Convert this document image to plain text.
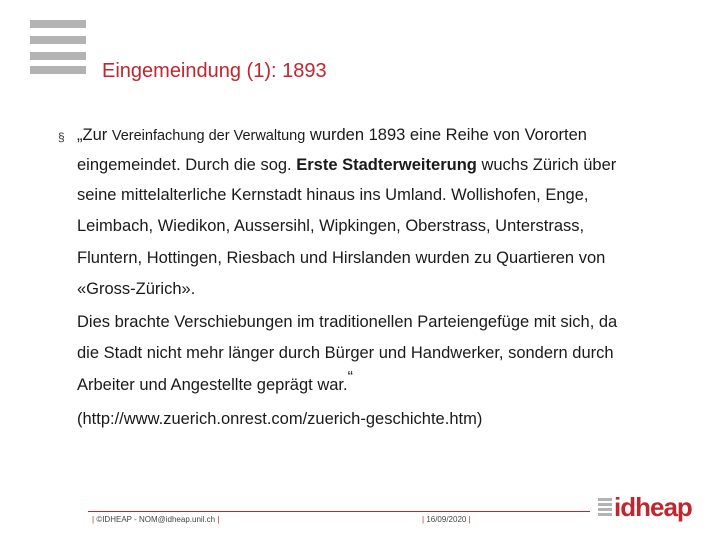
Eingemeindung (1): 1893
§ „Zur Vereinfachung der Verwaltung wurden 1893 eine Reihe von Vororten
eingemeindet. Durch die sog. Erste Stadterweiterung wuchs Zürich über
seine mittelalterliche Kernstadt hinaus ins Umland. Wollishofen, Enge,
Leimbach, Wiedikon, Aussersihl, Wipkingen, Oberstrass, Unterstrass,
Fluntern, Hottingen, Riesbach und Hirslanden wurden zu Quartieren von
«Gross-Zürich».
Dies brachte Verschiebungen im traditionellen Parteiengefüge mit sich, da
die Stadt nicht mehr länger durch Bürger und Handwerker, sondern durch
Arbeiter und Angestellte geprägt war.“
(http://www.zuerich.onrest.com/zuerich-geschichte.htm)
| ©IDHEAP - NOM@idheap.unil.ch |	| 16/09/2020 |	idheap
